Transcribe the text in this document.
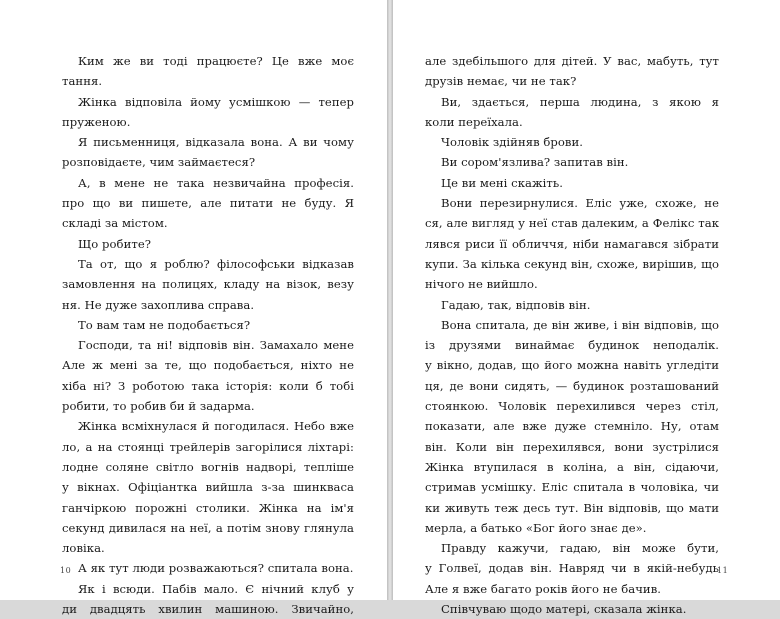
Ким же ви тоді працюєте? Це вже моє
тання.
Жінка відповіла йому усмішкою — тепер
пруженою.
Я письменниця, відказала вона. А ви чому
розповідаєте, чим займаєтеся?
А, в мене не така незвичайна професія.
про що ви пишете, але питати не буду. Я
складі за містом.
Що робите?
Та от, що я роблю? філософськи відказав
замовлення на полицях, кладу на візок, везу
ня. Не дуже захоплива справа.
То вам там не подобається?
Господи, та ні! відповів він. Замахало мене
Але ж мені за те, що подобається, ніхто не
хіба ні? З роботою така історія: коли б тобі
робити, то робив би й задарма.
Жінка всміхнулася й погодилася. Небо вже
ло, а на стоянці трейлерів загорілися ліхтарі:
лодне соляне світло вогнів надворі, тепліше
у вікнах. Офіціантка вийшла з-за шинкваса
ганчіркою порожні столики. Жінка на ім'я
секунд дивилася на неї, а потім знову глянула
ловіка.
А як тут люди розважаються? спитала вона.
Як і всюди. Пабів мало. Є нічний клуб у
ди двадцять хвилин машиною. Звичайно,
10
але здебільшого для дітей. У вас, мабуть, тут
друзів немає, чи не так?
Ви, здається, перша людина, з якою я
коли переїхала.
Чоловік здійняв брови.
Ви сором'язлива? запитав він.
Це ви мені скажіть.
Вони перезирнулися. Еліс уже, схоже, не
ся, але вигляд у неї став далеким, а Фелікс так
лявся риси її обличчя, ніби намагався зібрати
купи. За кілька секунд він, схоже, вирішив, що
нічого не вийшло.
Гадаю, так, відповів він.
Вона спитала, де він живе, і він відповів, що
із друзями винаймає будинок неподалік.
у вікно, додав, що його можна навіть угледіти
ця, де вони сидять, — будинок розташований
стоянкою. Чоловік перехилився через стіл,
показати, але вже дуже стемніло. Ну, отам
він. Коли він перехилявся, вони зустрілися
Жінка втупилася в коліна, а він, сідаючи,
стримав усмішку. Еліс спитала в чоловіка, чи
ки живуть теж десь тут. Він відповів, що мати
мерла, а батько «Бог його знає де».
Правду кажучи, гадаю, він може бути,
у Голвеї, додав він. Навряд чи в якій-небудь
Але я вже багато років його не бачив.
Співчуваю щодо матері, сказала жінка.
11
